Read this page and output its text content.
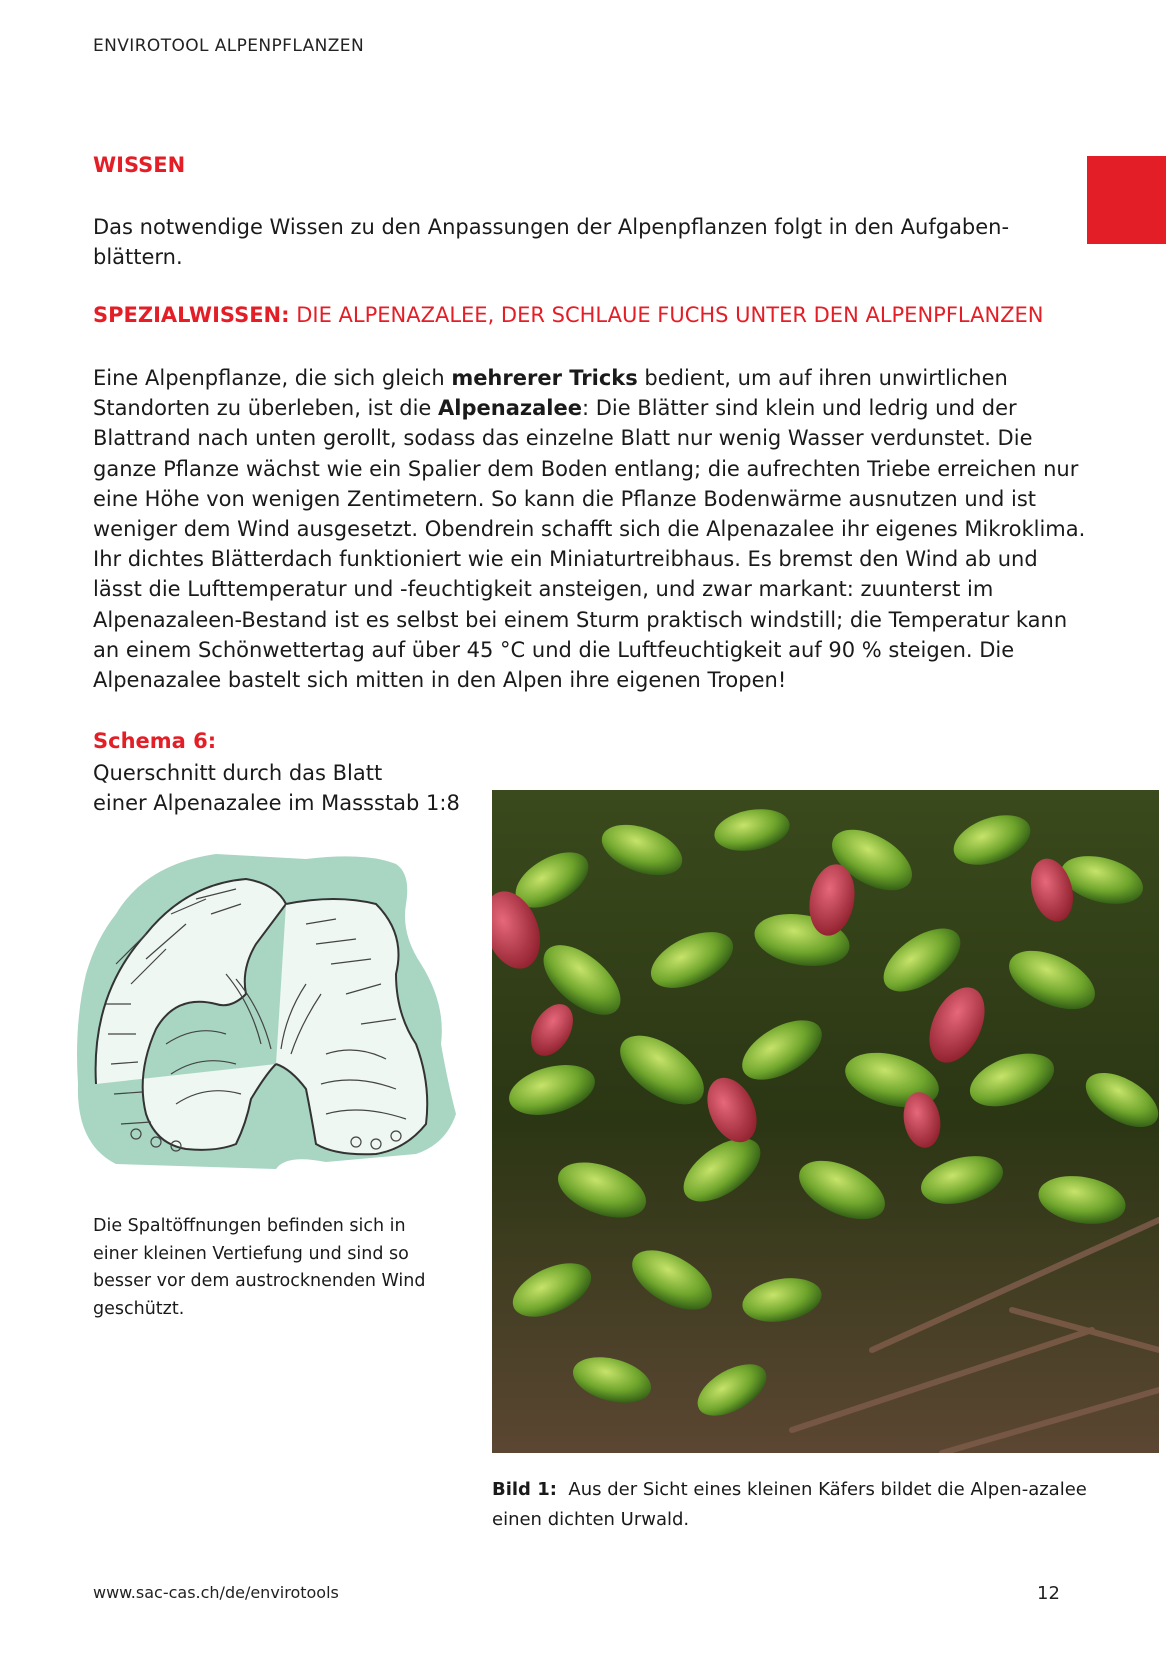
ENVIROTOOL ALPENPFLANZEN
WISSEN
Das notwendige Wissen zu den Anpassungen der Alpenpflanzen folgt in den Aufgaben-blättern.
SPEZIALWISSEN: DIE ALPENAZALEE, DER SCHLAUE FUCHS UNTER DEN ALPENPFLANZEN
Eine Alpenpflanze, die sich gleich mehrerer Tricks bedient, um auf ihren unwirtlichen Standorten zu überleben, ist die Alpenazalee: Die Blätter sind klein und ledrig und der Blattrand nach unten gerollt, sodass das einzelne Blatt nur wenig Wasser verdunstet. Die ganze Pflanze wächst wie ein Spalier dem Boden entlang; die aufrechten Triebe erreichen nur eine Höhe von wenigen Zentimetern. So kann die Pflanze Bodenwärme ausnutzen und ist weniger dem Wind ausgesetzt. Obendrein schafft sich die Alpenazalee ihr eigenes Mikroklima. Ihr dichtes Blätterdach funktioniert wie ein Miniaturtreibhaus. Es bremst den Wind ab und lässt die Lufttemperatur und -feuchtigkeit ansteigen, und zwar markant: zuunterst im Alpenazaleen-Bestand ist es selbst bei einem Sturm praktisch windstill; die Temperatur kann an einem Schönwettertag auf über 45 °C und die Luftfeuchtigkeit auf 90 % steigen. Die Alpenazalee bastelt sich mitten in den Alpen ihre eigenen Tropen!
Schema 6:
Querschnitt durch das Blatt
einer Alpenazalee im Massstab 1:8
Die Spaltöffnungen befinden sich in einer kleinen Vertiefung und sind so besser vor dem austrocknenden Wind geschützt.
Bild 1: Aus der Sicht eines kleinen Käfers bildet die Alpen-azalee einen dichten Urwald.
www.sac-cas.ch/de/envirotools	12
